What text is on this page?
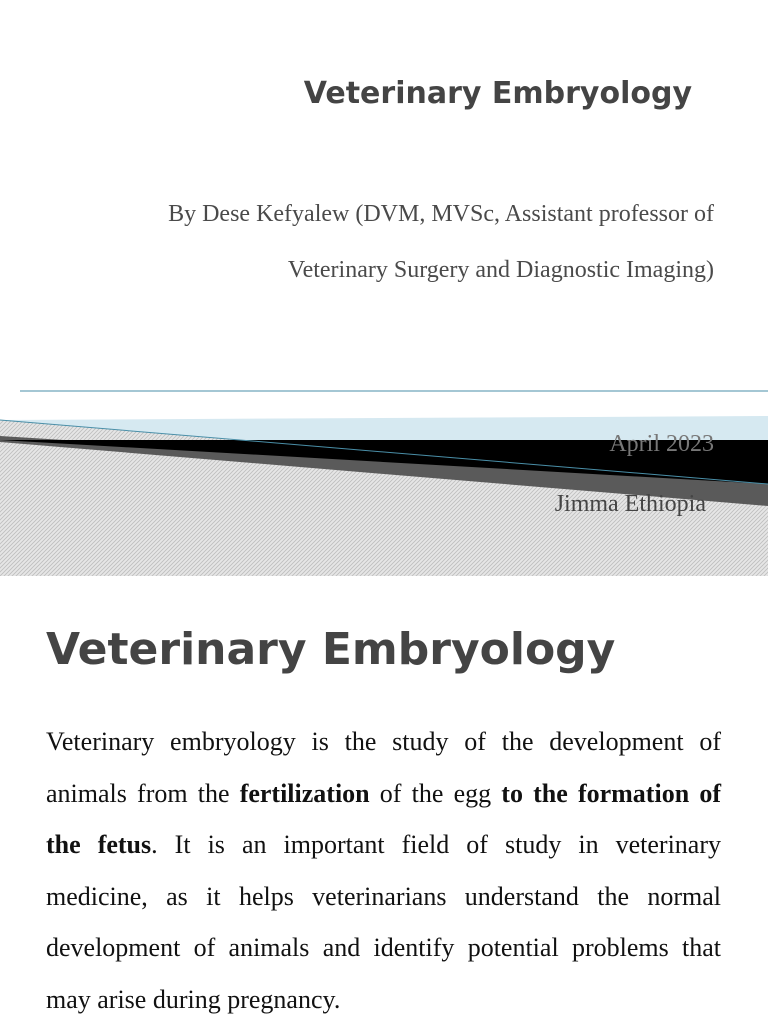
Veterinary Embryology

By Dese Kefyalew (DVM, MVSc, Assistant professor of
Veterinary Surgery and Diagnostic Imaging)

April 2023
Jimma Ethiopia
Veterinary Embryology

Veterinary embryology is the study of the development of animals from the fertilization of the egg to the formation of the fetus. It is an important field of study in veterinary medicine, as it helps veterinarians understand the normal development of animals and identify potential problems that may arise during pregnancy.
